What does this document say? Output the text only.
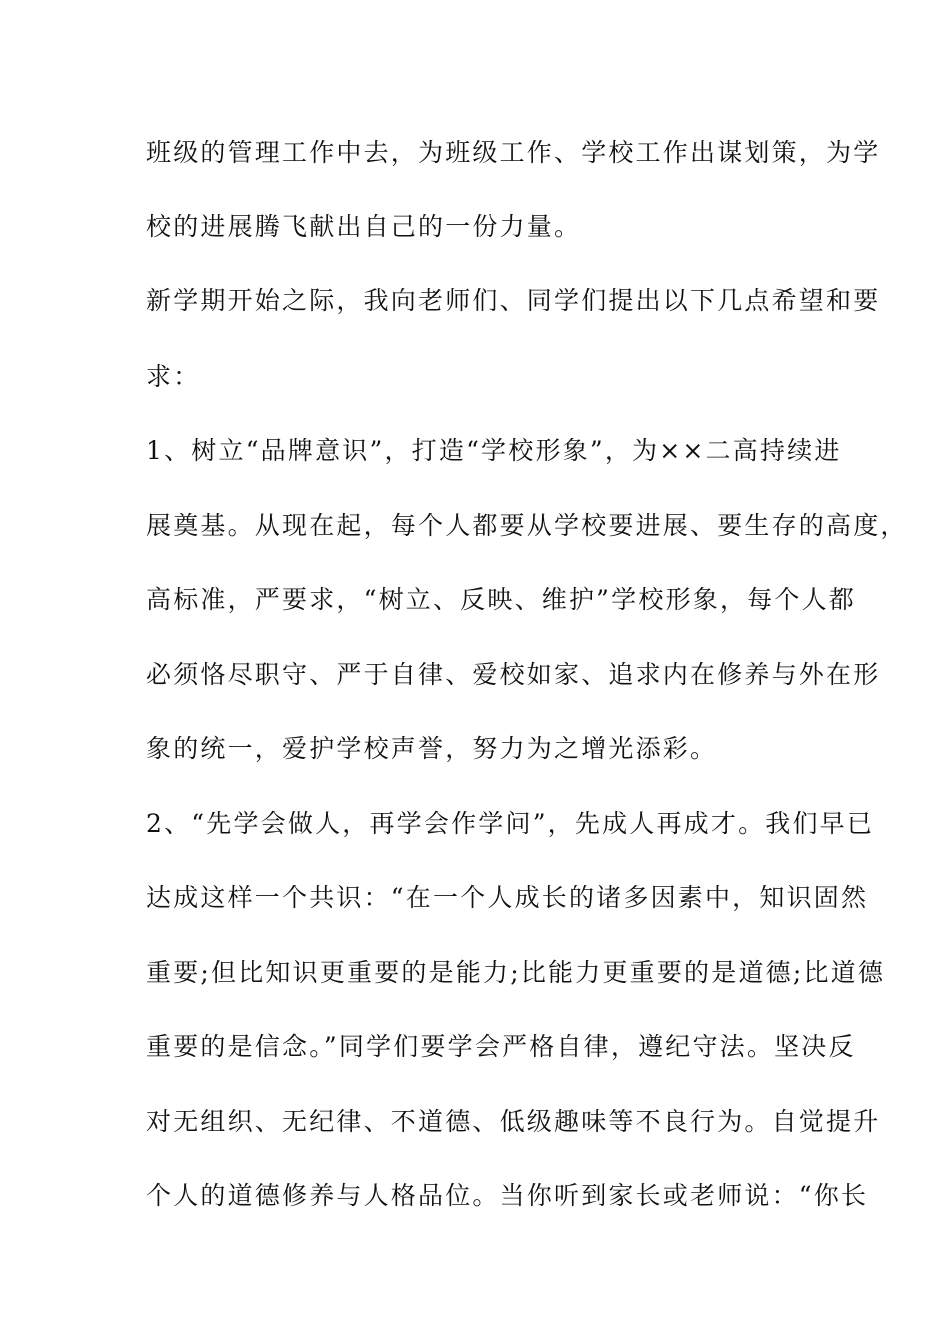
班级的管理工作中去，为班级工作、学校工作出谋划策，为学
校的进展腾飞献出自己的一份力量。
新学期开始之际，我向老师们、同学们提出以下几点希望和要
求：
1、树立“品牌意识”，打造“学校形象”，为××二高持续进
展奠基。从现在起，每个人都要从学校要进展、要生存的高度，
高标准，严要求，“树立、反映、维护”学校形象，每个人都
必须恪尽职守、严于自律、爱校如家、追求内在修养与外在形
象的统一，爱护学校声誉，努力为之增光添彩。
2、“先学会做人，再学会作学问”，先成人再成才。我们早已
达成这样一个共识：“在一个人成长的诸多因素中，知识固然
重要;但比知识更重要的是能力;比能力更重要的是道德;比道德
重要的是信念。”同学们要学会严格自律，遵纪守法。坚决反
对无组织、无纪律、不道德、低级趣味等不良行为。自觉提升
个人的道德修养与人格品位。当你听到家长或老师说：“你长
